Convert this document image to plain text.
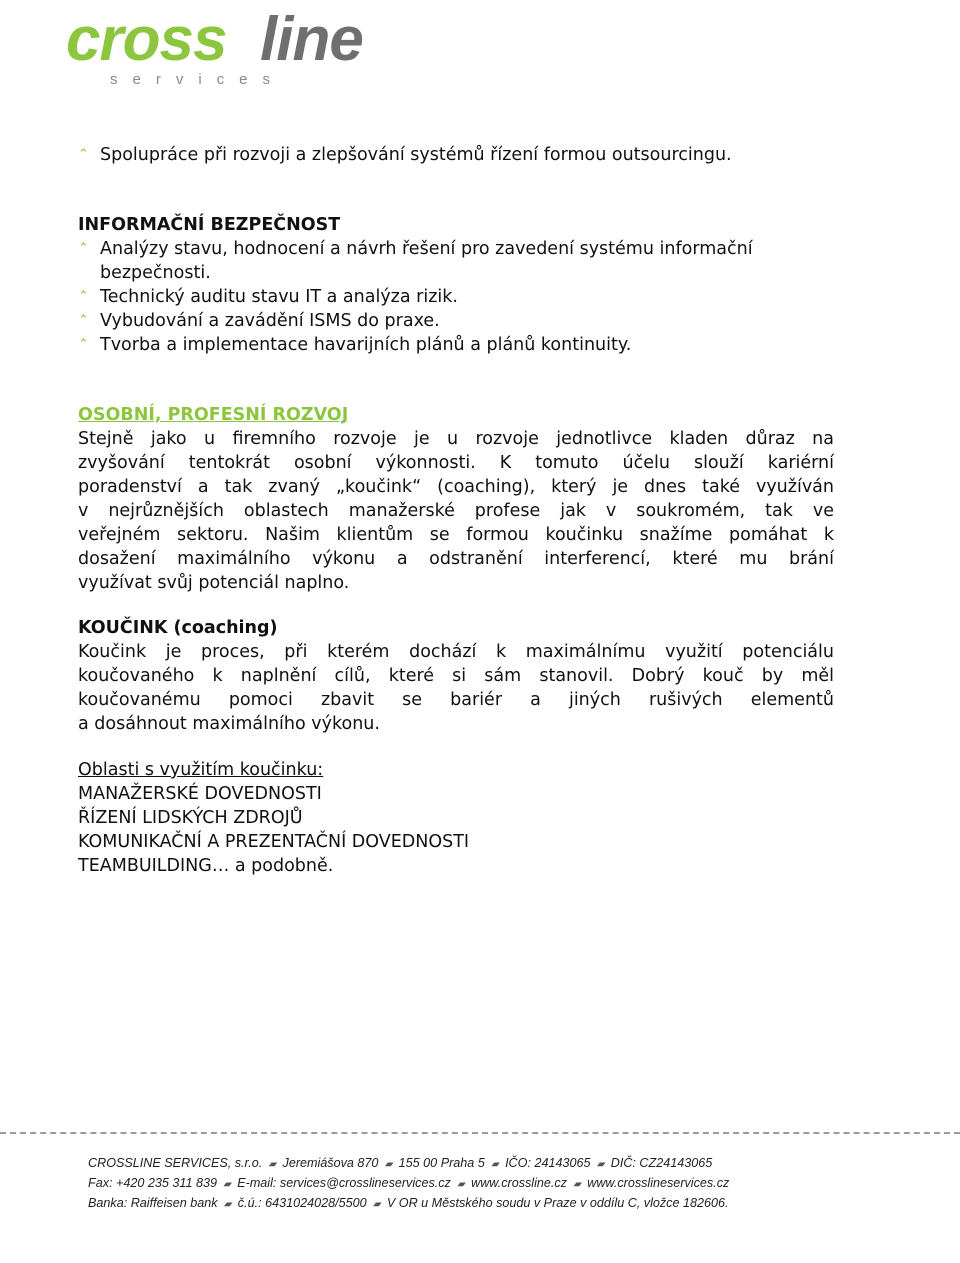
cross line
services
⌃ Spolupráce při rozvoji a zlepšování systémů řízení formou outsourcingu.
INFORMAČNÍ BEZPEČNOST
⌃ Analýzy stavu, hodnocení a návrh řešení pro zavedení systému informační
bezpečnosti.
⌃ Technický auditu stavu IT a analýza rizik.
⌃ Vybudování a zavádění ISMS do praxe.
⌃ Tvorba a implementace havarijních plánů a plánů kontinuity.
OSOBNÍ, PROFESNÍ ROZVOJ
Stejně jako u firemního rozvoje je u rozvoje jednotlivce kladen důraz na
zvyšování tentokrát osobní výkonnosti. K tomuto účelu slouží kariérní
poradenství a tak zvaný „koučink“ (coaching), který je dnes také využíván
v nejrůznějších oblastech manažerské profese jak v soukromém, tak ve
veřejném sektoru. Našim klientům se formou koučinku snažíme pomáhat k
dosažení maximálního výkonu a odstranění interferencí, které mu brání
využívat svůj potenciál naplno.
KOUČINK (coaching)
Koučink je proces, při kterém dochází k maximálnímu využití potenciálu
koučovaného k naplnění cílů, které si sám stanovil. Dobrý kouč by měl
koučovanému pomoci zbavit se bariér a jiných rušivých elementů
a dosáhnout maximálního výkonu.
Oblasti s využitím koučinku:
MANAŽERSKÉ DOVEDNOSTI
ŘÍZENÍ LIDSKÝCH ZDROJŮ
KOMUNIKAČNÍ A PREZENTAČNÍ DOVEDNOSTI
TEAMBUILDING… a podobně.
CROSSLINE SERVICES, s.r.o.  ▰  Jeremiášova 870  ▰  155 00 Praha 5  ▰  IČO: 24143065  ▰  DIČ: CZ24143065
Fax: +420 235 311 839  ▰  E-mail: services@crosslineservices.cz  ▰  www.crossline.cz  ▰  www.crosslineservices.cz
Banka: Raiffeisen bank  ▰  č.ú.: 6431024028/5500  ▰  V OR u Městského soudu v Praze v oddílu C, vložce 182606.
